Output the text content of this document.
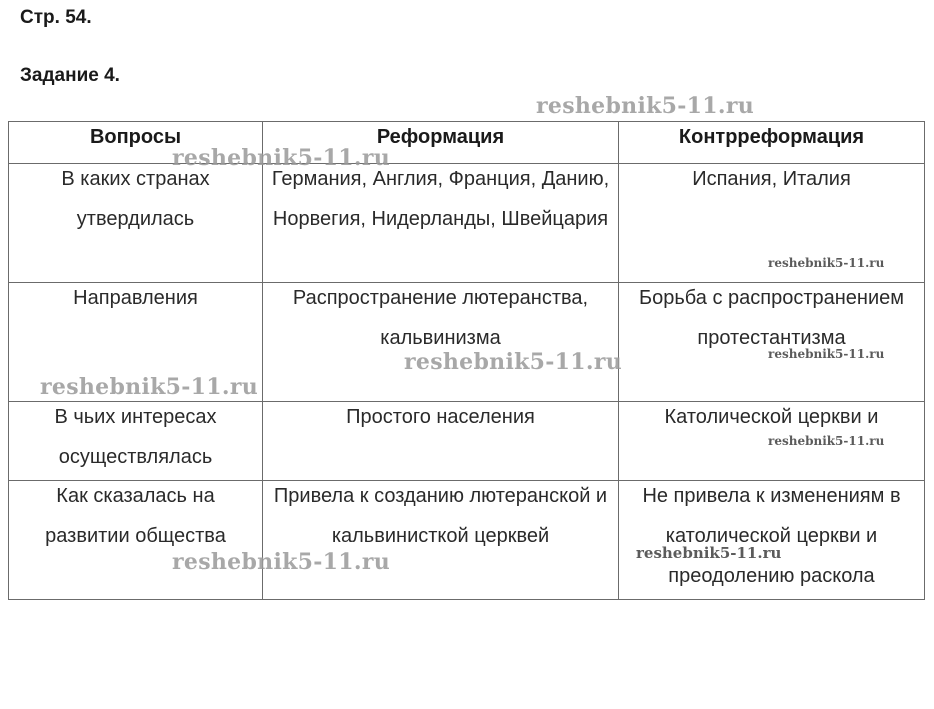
Стр. 54.
Задание 4.
Вопросы	Реформация	Контрреформация

В каких странах утвердилась	Германия, Англия, Франция, Данию, Норвегия, Нидерланды, Швейцария	Испания, Италия

Направления	Распространение лютеранства, кальвинизма	Борьба с распространением протестантизма

В чьих интересах осуществлялась	Простого населения	Католической церкви и

Как сказалась на развитии общества	Привела к созданию лютеранской и кальвинисткой церквей	Не привела к изменениям в католической церкви и преодолению раскола
reshebnik5-11.ru
reshebnik5-11.ru
reshebnik5-11.ru
reshebnik5-11.ru
reshebnik5-11.ru
reshebnik5-11.ru
reshebnik5-11.ru
reshebnik5-11.ru
reshebnik5-11.ru
